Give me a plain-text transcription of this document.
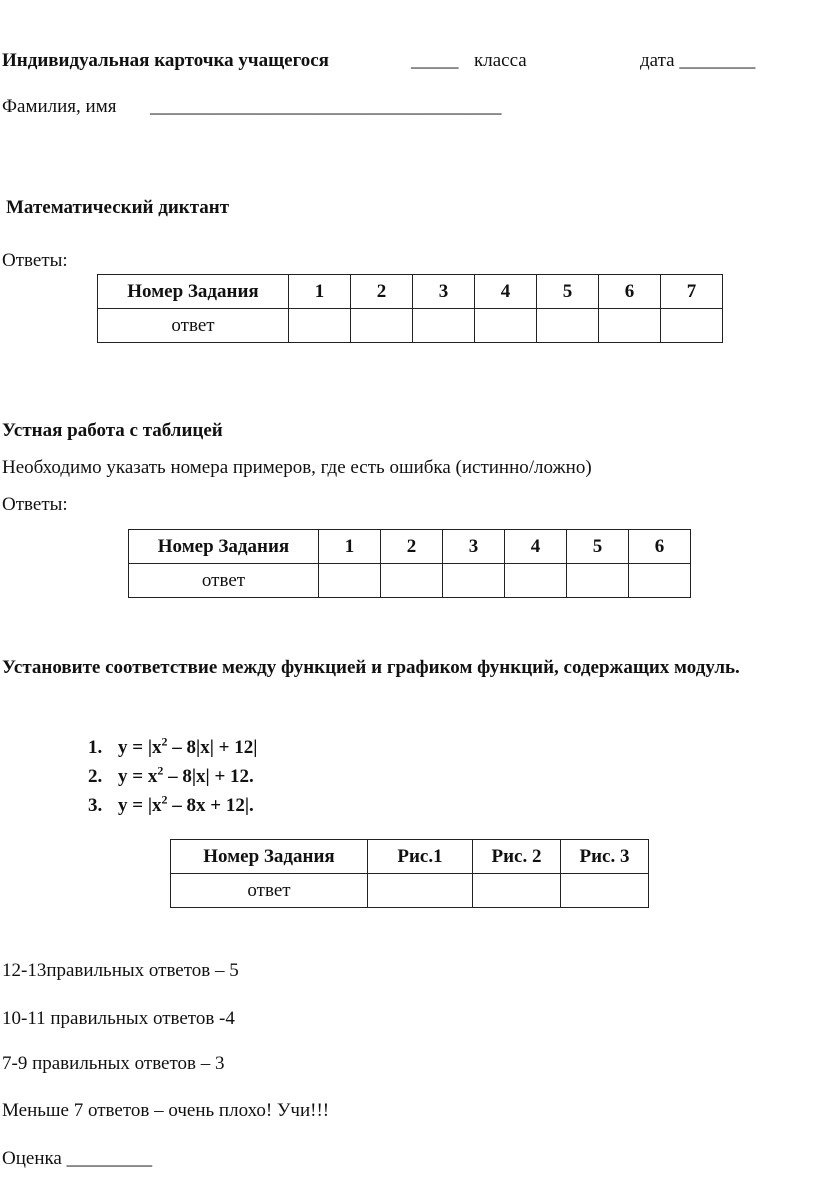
Индивидуальная карточка учащегося	_____ класса	дата ________
Фамилия, имя _____________________________________
Математический диктант
Ответы:
Номер Задания	1	2	3	4	5	6	7
ответ							
Устная работа с таблицей
Необходимо указать номера примеров, где есть ошибка (истинно/ложно)
Ответы:
Номер Задания	1	2	3	4	5	6
ответ						
Установите соответствие между функцией и графиком функций, содержащих модуль.
1. $y = |x^2 - 8|x| + 12|$
2. $y = x^2 - 8|x| + 12$.
3. $y = |x^2 - 8x + 12|$.
Номер Задания	Рис.1	Рис. 2	Рис. 3
ответ			
12-13правильных ответов – 5
10-11 правильных ответов -4
7-9 правильных ответов – 3
Меньше 7 ответов – очень плохо! Учи!!!
Оценка _________
